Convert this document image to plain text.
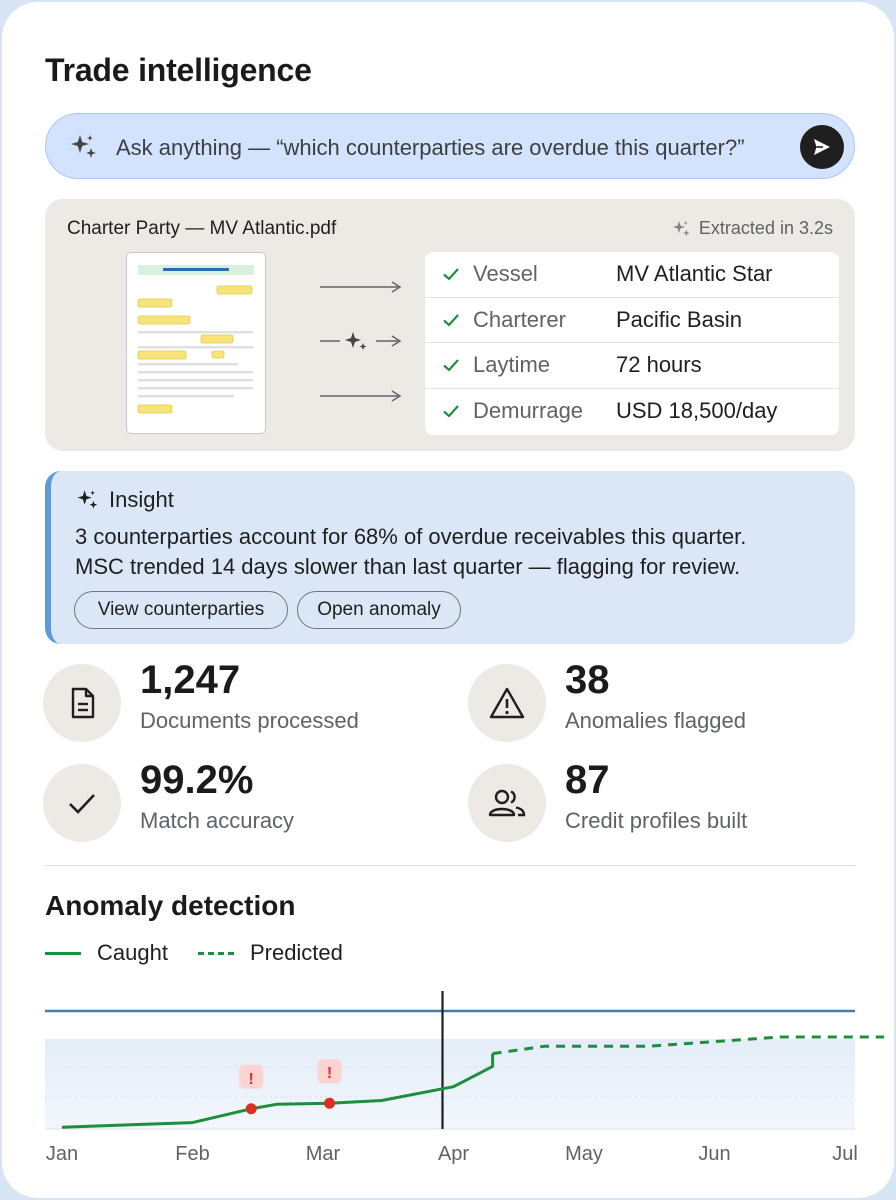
Trade intelligence
Ask anything — “which counterparties are overdue this quarter?”
Charter Party — MV Atlantic.pdf	Extracted in 3.2s
Vessel	MV Atlantic Star
Charterer Pacific Basin
Laytime	72 hours
Demurrage USD 18,500/day
Insight
3 counterparties account for 68% of overdue receivables this quarter.
MSC trended 14 days slower than last quarter — flagging for review.
View counterparties	Open anomaly
1,247
Documents processed
38
Anomalies flagged
99.2%
Match accuracy
87
Credit profiles built
Anomaly detection
Caught	Predicted
!	!
Jan	Feb	Mar	Apr	May	Jun	Jul
